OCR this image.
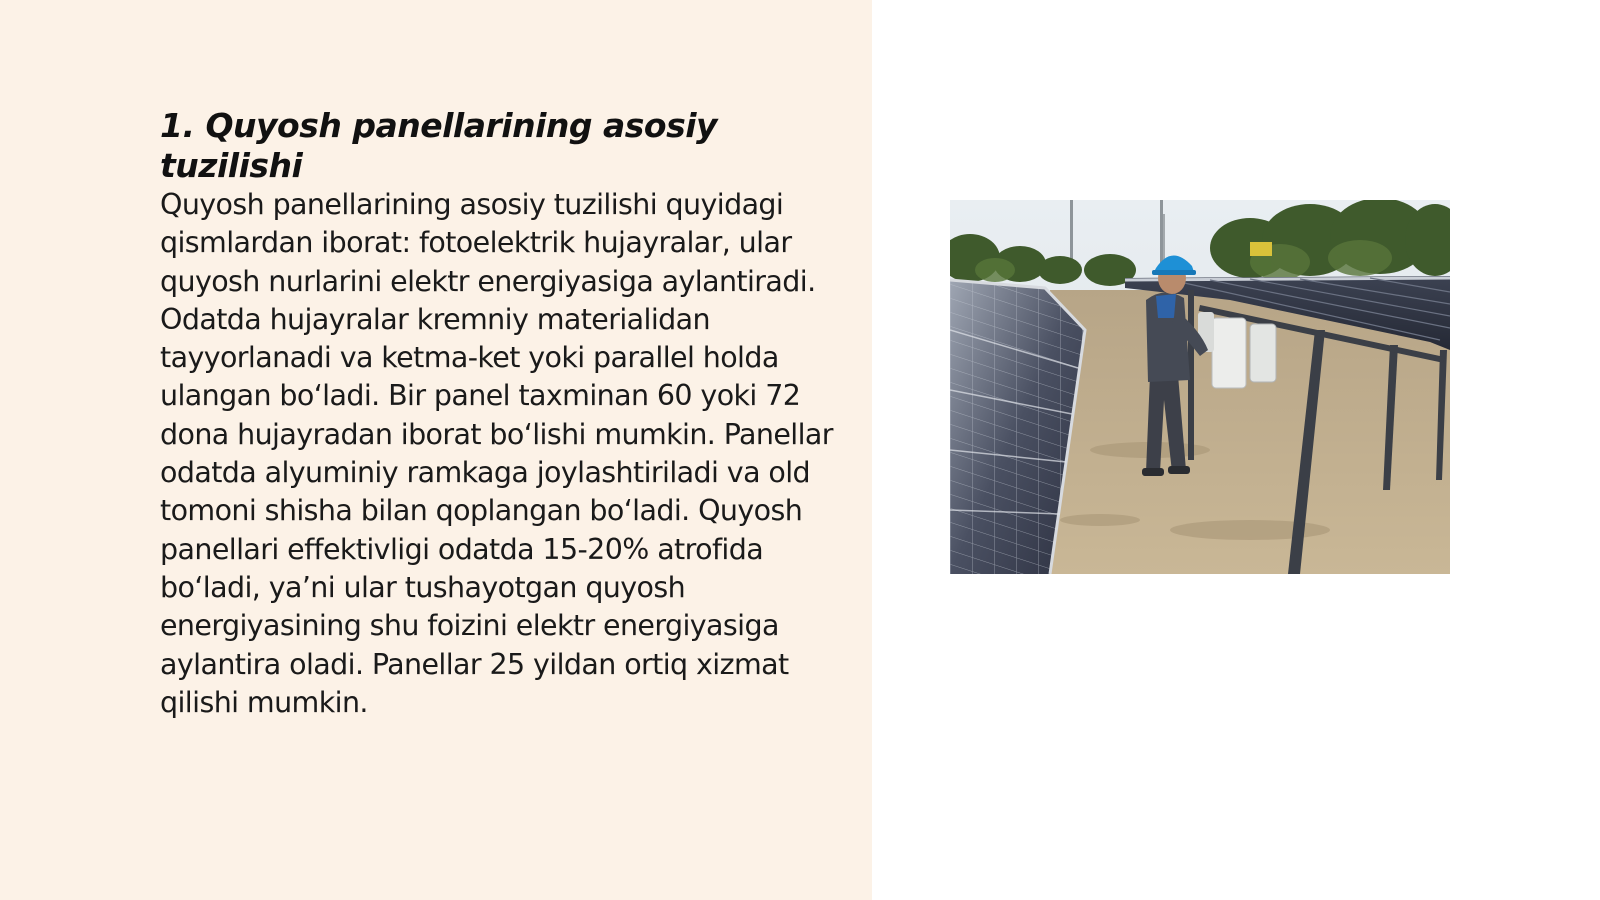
1. Quyosh panellarining asosiy tuzilishi

Quyosh panellarining asosiy tuzilishi quyidagi qismlardan iborat: fotoelektrik hujayralar, ular quyosh nurlarini elektr energiyasiga aylantiradi. Odatda hujayralar kremniy materialidan tayyorlanadi va ketma-ket yoki parallel holda ulangan bo‘ladi. Bir panel taxminan 60 yoki 72 dona hujayradan iborat bo‘lishi mumkin. Panellar odatda alyuminiy ramkaga joylashtiriladi va old tomoni shisha bilan qoplangan bo‘ladi. Quyosh panellari effektivligi odatda 15-20% atrofida bo‘ladi, ya’ni ular tushayotgan quyosh energiyasining shu foizini elektr energiyasiga aylantira oladi. Panellar 25 yildan ortiq xizmat qilishi mumkin.
